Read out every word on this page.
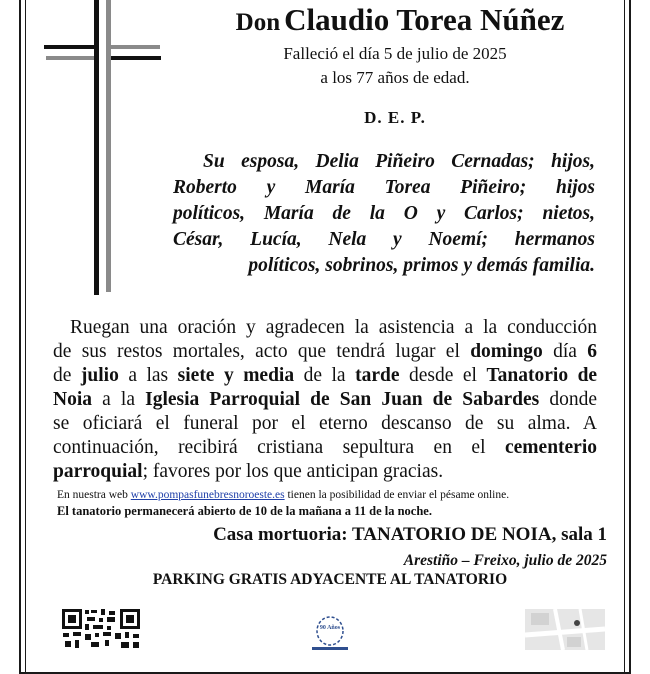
Don Claudio Torea Núñez
Falleció el día 5 de julio de 2025
a los 77 años de edad.
D. E. P.
Su esposa, Delia Piñeiro Cernadas; hijos,
Roberto y María Torea Piñeiro; hijos
políticos, María de la O y Carlos; nietos,
César, Lucía, Nela y Noemí; hermanos
políticos, sobrinos, primos y demás familia.
Ruegan una oración y agradecen la asistencia a la conducción
de sus restos mortales, acto que tendrá lugar el domingo día 6
de julio a las siete y media de la tarde desde el Tanatorio de
Noia a la Iglesia Parroquial de San Juan de Sabardes donde
se oficiará el funeral por el eterno descanso de su alma. A
continuación, recibirá cristiana sepultura en el cementerio
parroquial; favores por los que anticipan gracias.
En nuestra web www.pompasfunebresnoroeste.es tienen la posibilidad de enviar el pésame online.
El tanatorio permanecerá abierto de 10 de la mañana a 11 de la noche.
Casa mortuoria: TANATORIO DE NOIA, sala 1
Arestiño – Freixo, julio de 2025
PARKING GRATIS ADYACENTE AL TANATORIO
90 Años
